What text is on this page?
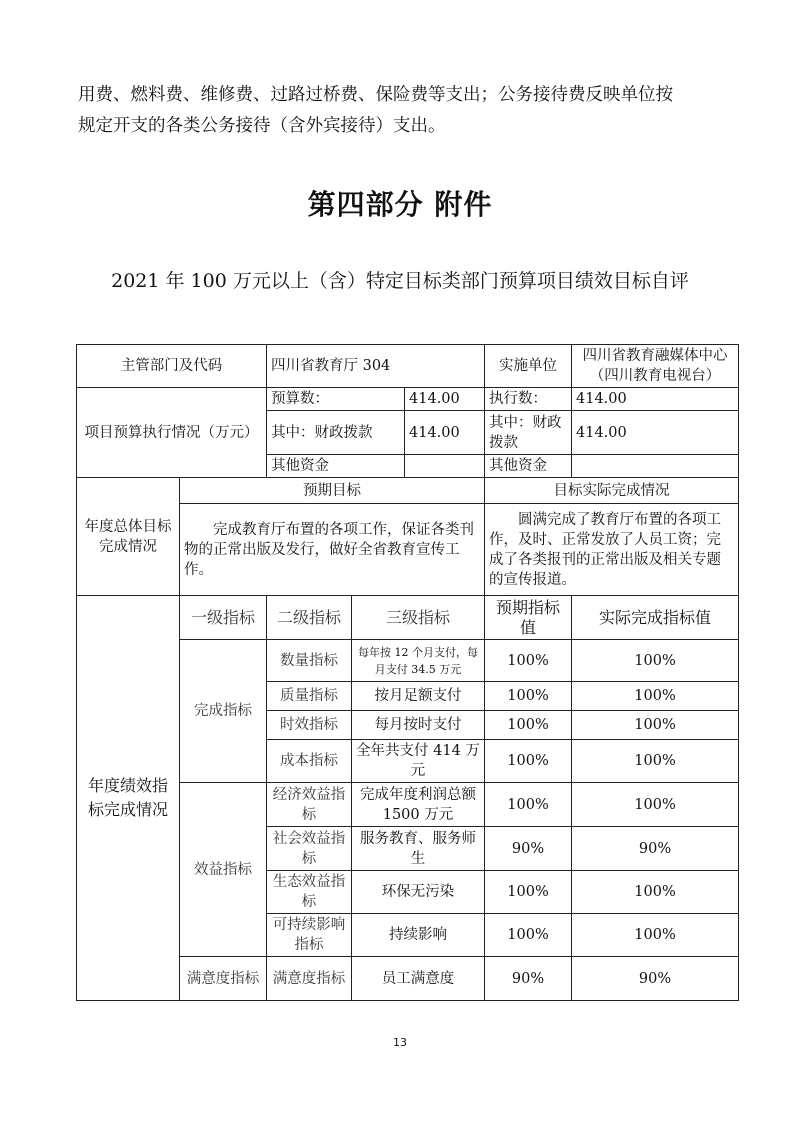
用费、燃料费、维修费、过路过桥费、保险费等支出；公务接待费反映单位按

规定开支的各类公务接待（含外宾接待）支出。

第四部分 附件
2021 年 100 万元以上（含）特定目标类部门预算项目绩效目标自评
主管部门及代码		四川省教育厅 304			实施单位	四川省教育融媒体中心（四川教育电视台）
项目预算执行情况（万元）		预算数：		414.00	执行数：	414.00
		其中：财政拨款		414.00	其中：财政拨款	414.00
		其他资金			其他资金	
年度总体目标完成情况	预期目标				目标实际完成情况	
	完成教育厅布置的各项工作，保证各类刊物的正常出版及发行，做好全省教育宣传工作。				圆满完成了教育厅布置的各项工作，及时、正常发放了人员工资；完成了各类报刊的正常出版及相关专题的宣传报道。	
年度绩效指标完成情况	一级指标	二级指标	三级指标		预期指标值	实际完成指标值
	完成指标	数量指标	每年按 12 个月支付，每月支付 34.5 万元		100%	100%
		质量指标	按月足额支付		100%	100%
		时效指标	每月按时支付		100%	100%
		成本指标	全年共支付 414 万元		100%	100%
	效益指标	经济效益指标	完成年度利润总额 1500 万元		100%	100%
		社会效益指标	服务教育、服务师生		90%	90%
		生态效益指标	环保无污染		100%	100%
		可持续影响指标	持续影响		100%	100%
	满意度指标	满意度指标	员工满意度		90%	90%
13
